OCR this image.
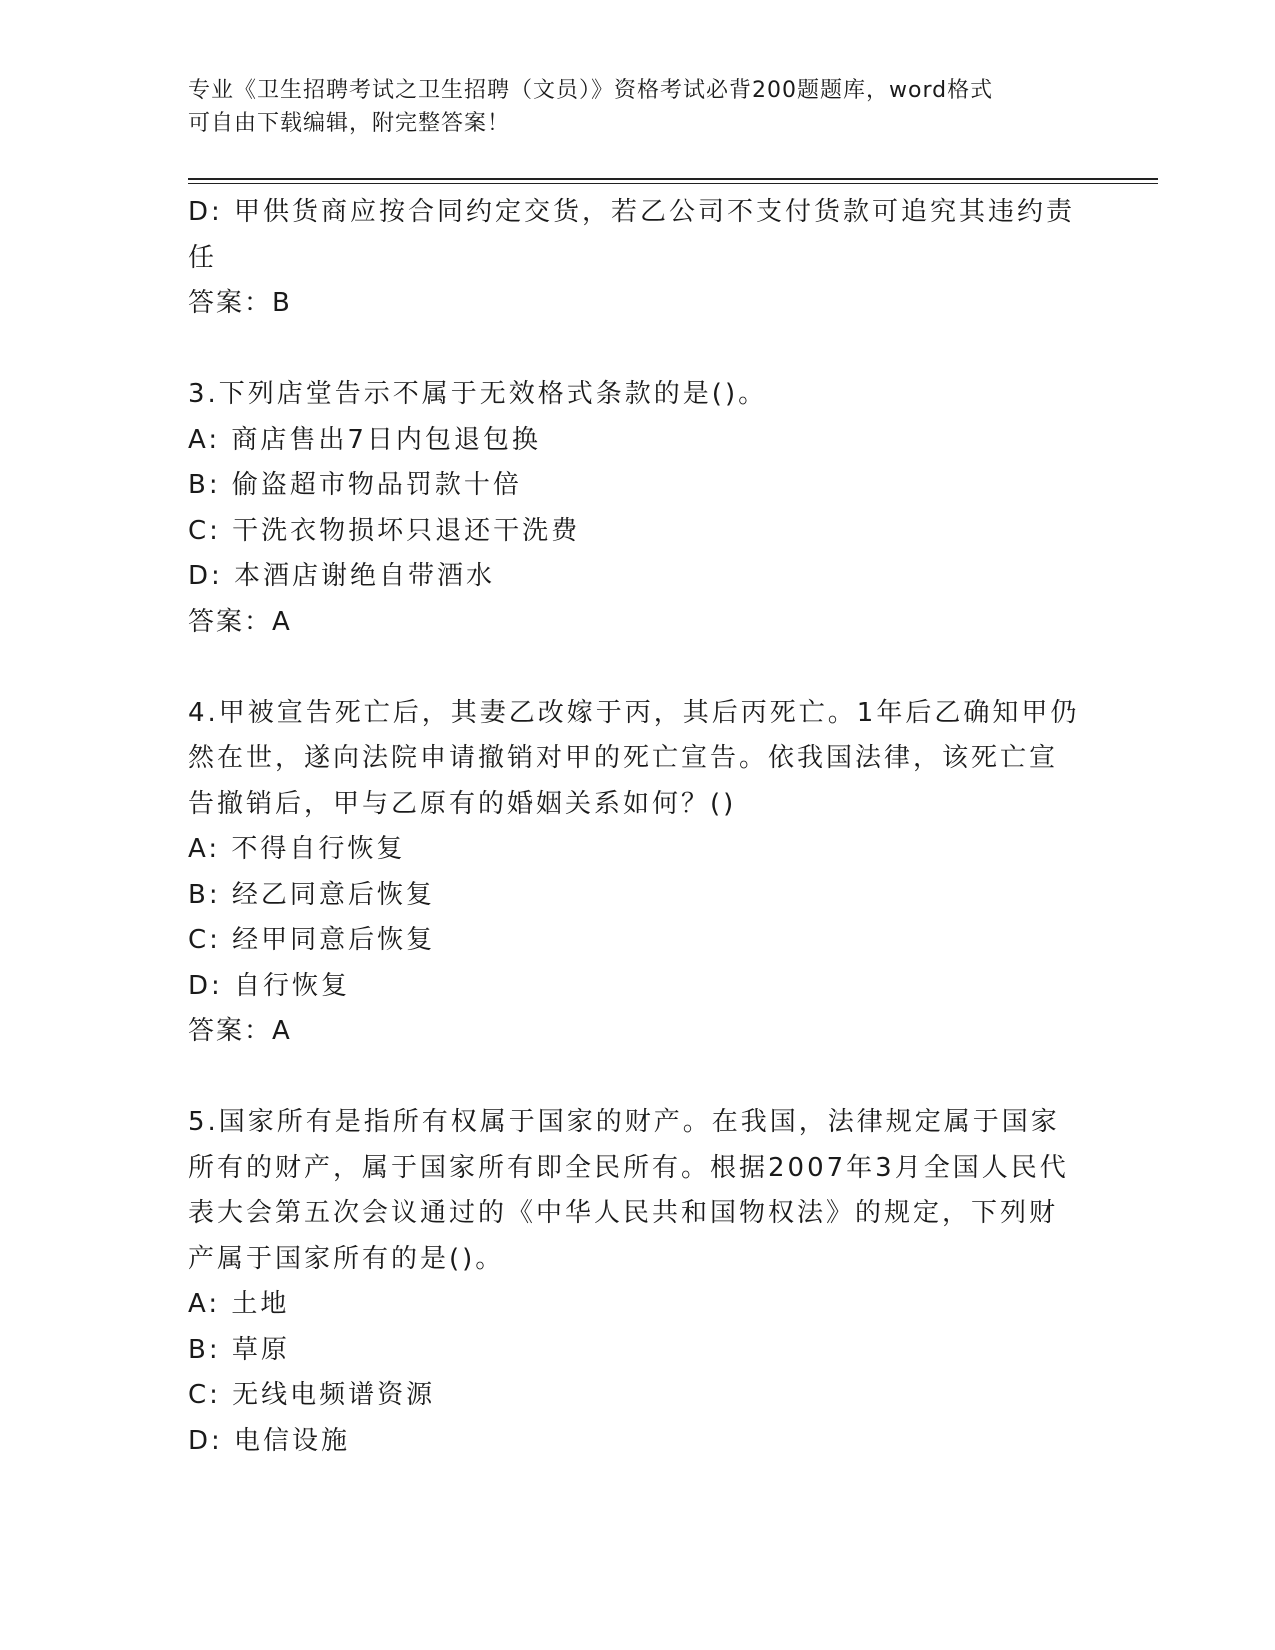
专业《卫生招聘考试之卫生招聘（文员）》资格考试必背200题题库，word格式

可自由下载编辑，附完整答案！

D: 甲供货商应按合同约定交货，若乙公司不支付货款可追究其违约责

任

答案：B

3.下列店堂告示不属于无效格式条款的是()。

A: 商店售出7日内包退包换

B: 偷盗超市物品罚款十倍

C: 干洗衣物损坏只退还干洗费

D: 本酒店谢绝自带酒水

答案：A

4.甲被宣告死亡后，其妻乙改嫁于丙，其后丙死亡。1年后乙确知甲仍

然在世，遂向法院申请撤销对甲的死亡宣告。依我国法律，该死亡宣

告撤销后，甲与乙原有的婚姻关系如何？()

A: 不得自行恢复

B: 经乙同意后恢复

C: 经甲同意后恢复

D: 自行恢复

答案：A

5.国家所有是指所有权属于国家的财产。在我国，法律规定属于国家

所有的财产，属于国家所有即全民所有。根据2007年3月全国人民代

表大会第五次会议通过的《中华人民共和国物权法》的规定，下列财

产属于国家所有的是()。

A: 土地

B: 草原

C: 无线电频谱资源

D: 电信设施
